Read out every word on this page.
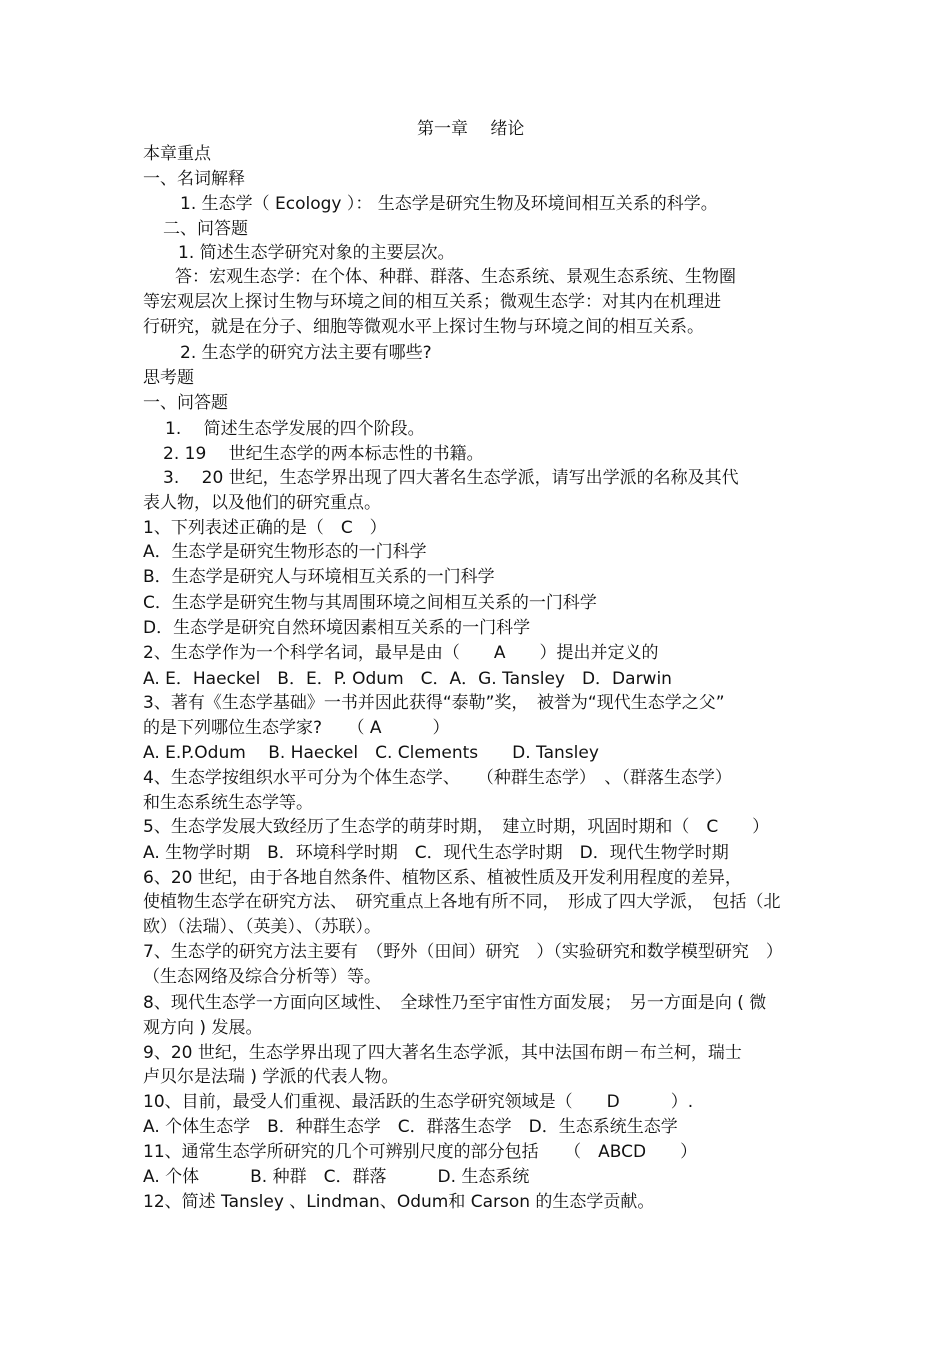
第一章　 绪论
本章重点
一、名词解释
1. 生态学（ Ecology ）： 生态学是研究生物及环境间相互关系的科学。
二、问答题
1. 简述生态学研究对象的主要层次。
答：宏观生态学：在个体、种群、群落、生态系统、景观生态系统、生物圈
等宏观层次上探讨生物与环境之间的相互关系；微观生态学：对其内在机理进
行研究，就是在分子、细胞等微观水平上探讨生物与环境之间的相互关系。
2. 生态学的研究方法主要有哪些?
思考题
一、问答题
1.　 简述生态学发展的四个阶段。
2. 19　 世纪生态学的两本标志性的书籍。
3.　 20 世纪，生态学界出现了四大著名生态学派，请写出学派的名称及其代
表人物，以及他们的研究重点。
1、下列表述正确的是（　C　）
A．生态学是研究生物形态的一门科学
B．生态学是研究人与环境相互关系的一门科学
C．生态学是研究生物与其周围环境之间相互关系的一门科学
D．生态学是研究自然环境因素相互关系的一门科学
2、生态学作为一个科学名词，最早是由（　　A　　）提出并定义的
A. E．Haeckel　B．E．P. Odum　C．A．G. Tansley　D．Darwin
3、著有《生态学基础》一书并因此获得“泰勒”奖，　被誉为“现代生态学之父”
的是下列哪位生态学家?　　（ A　　　）
A. E.P.Odum　 B. Haeckel　C. Clements　　D. Tansley
4、生态学按组织水平可分为个体生态学、　　（种群生态学）　、（群落生态学）
和生态系统生态学等。
5、生态学发展大致经历了生态学的萌芽时期，　建立时期，巩固时期和（　C　　）
A. 生物学时期　B．环境科学时期　C．现代生态学时期　D．现代生物学时期
6、20 世纪，由于各地自然条件、植物区系、植被性质及开发利用程度的差异，
使植物生态学在研究方法、　研究重点上各地有所不同，　形成了四大学派，　包括（北
欧）（法瑞）、（英美）、（苏联）。
7、生态学的研究方法主要有　（野外（田间）研究　）（实验研究和数学模型研究　）
（生态网络及综合分析等）等。
8、现代生态学一方面向区域性、　全球性乃至宇宙性方面发展；　另一方面是向 ( 微
观方向 ) 发展。
9、20 世纪，生态学界出现了四大著名生态学派，其中法国布朗－布兰柯，瑞士
卢贝尔是法瑞 ) 学派的代表人物。
10、目前，最受人们重视、最活跃的生态学研究领域是（　　D　　　）.
A. 个体生态学　B．种群生态学　C．群落生态学　D．生态系统生态学
11、通常生态学所研究的几个可辨别尺度的部分包括　　（　ABCD　　）
A. 个体　　　B. 种群　C．群落　　　D. 生态系统
12、简述 Tansley 、Lindman、Odum和 Carson 的生态学贡献。
